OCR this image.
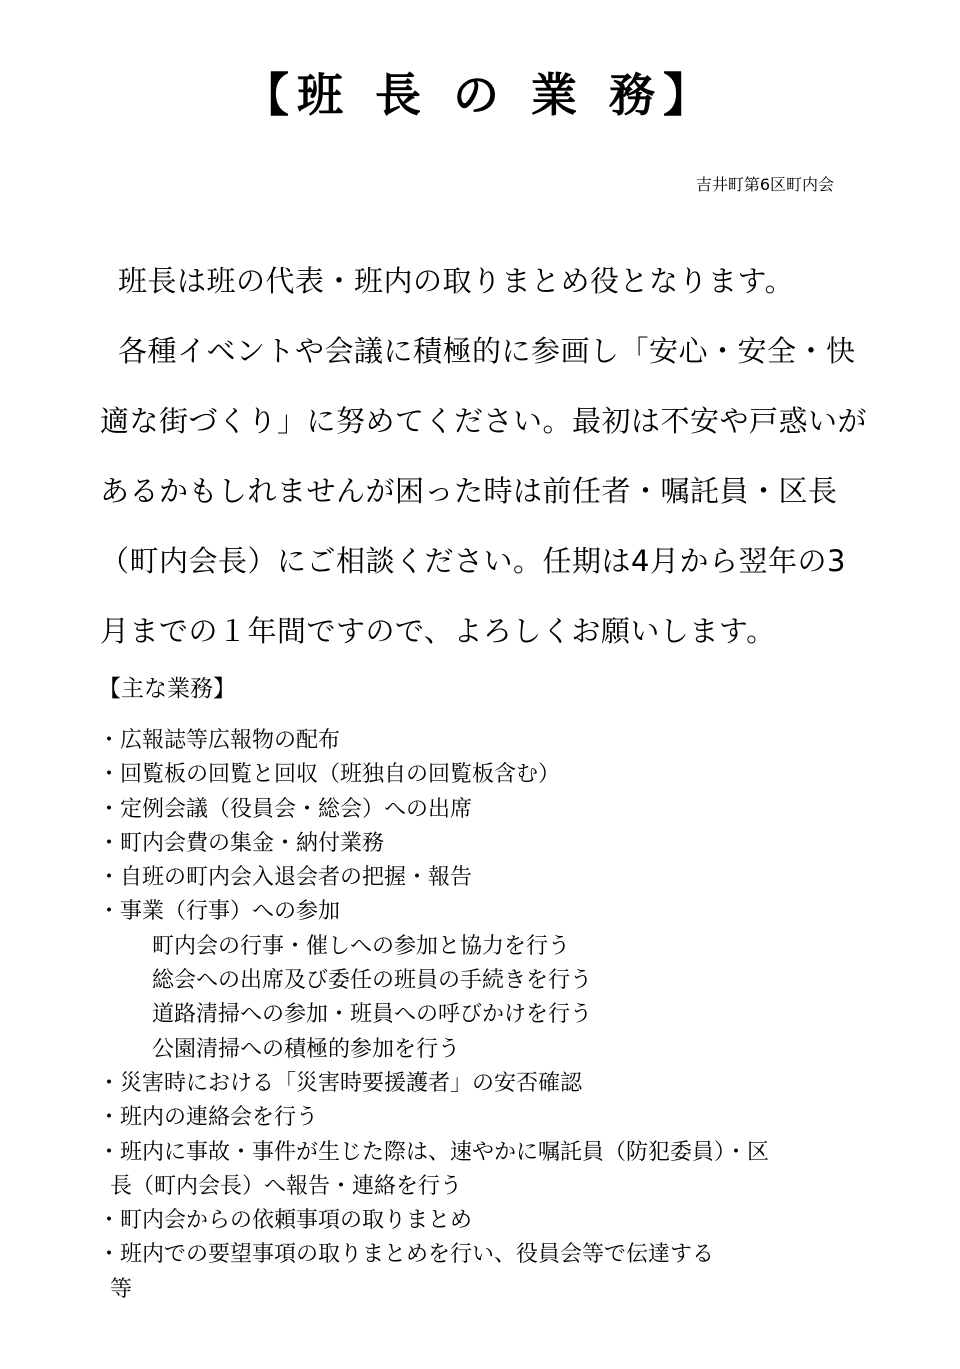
【班 長 の 業 務】
吉井町第6区町内会
班長は班の代表・班内の取りまとめ役となります。
各種イベントや会議に積極的に参画し「安心・安全・快
適な街づくり」に努めてください。最初は不安や戸惑いが
あるかもしれませんが困った時は前任者・嘱託員・区長
（町内会長）にご相談ください。任期は4月から翌年の3
月までの１年間ですので、よろしくお願いします。
【主な業務】
・広報誌等広報物の配布
・回覧板の回覧と回収（班独自の回覧板含む）
・定例会議（役員会・総会）への出席
・町内会費の集金・納付業務
・自班の町内会入退会者の把握・報告
・事業（行事）への参加
町内会の行事・催しへの参加と協力を行う
総会への出席及び委任の班員の手続きを行う
道路清掃への参加・班員への呼びかけを行う
公園清掃への積極的参加を行う
・災害時における「災害時要援護者」の安否確認
・班内の連絡会を行う
・班内に事故・事件が生じた際は、速やかに嘱託員（防犯委員）・区
長（町内会長）へ報告・連絡を行う
・町内会からの依頼事項の取りまとめ
・班内での要望事項の取りまとめを行い、役員会等で伝達する
等
